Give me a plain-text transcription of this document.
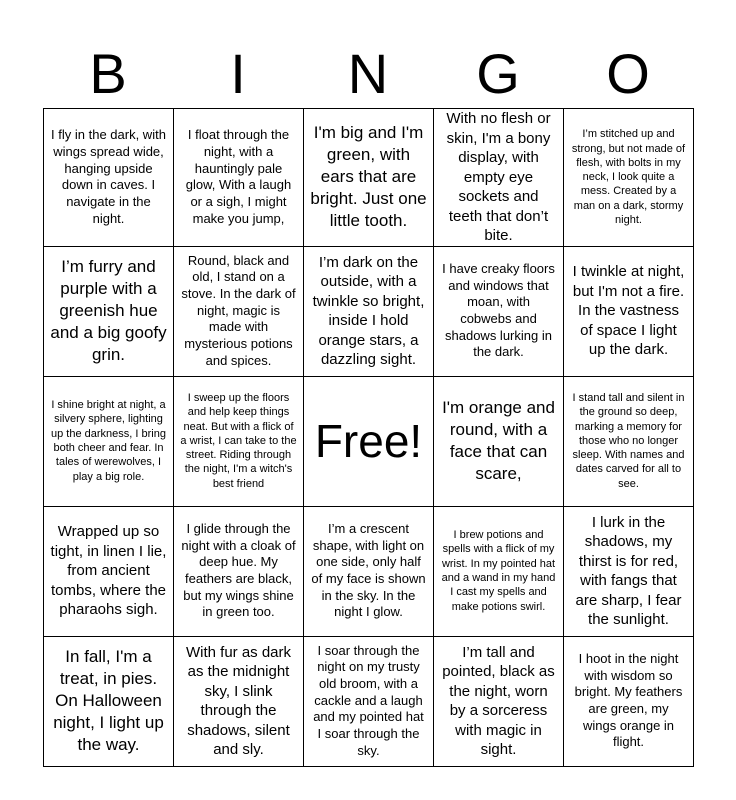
B	I	N	G	O
I fly in the dark, with wings spread wide, hanging upside down in caves. I navigate in the night.	I float through the night, with a hauntingly pale glow, With a laugh or a sigh, I might make you jump,	I'm big and I'm green, with ears that are bright. Just one little tooth.	With no flesh or skin, I'm a bony display, with empty eye sockets and teeth that don’t bite.	I’m stitched up and strong, but not made of flesh, with bolts in my neck, I look quite a mess. Created by a man on a dark, stormy night.
I’m furry and purple with a greenish hue and a big goofy grin.	Round, black and old, I stand on a stove. In the dark of night, magic is made with mysterious potions and spices.	I’m dark on the outside, with a twinkle so bright, inside I hold orange stars, a dazzling sight.	I have creaky floors and windows that moan, with cobwebs and shadows lurking in the dark.	I twinkle at night, but I'm not a fire. In the vastness of space I light up the dark.
I shine bright at night, a silvery sphere, lighting up the darkness, I bring both cheer and fear. In tales of werewolves, I play a big role.	I sweep up the floors and help keep things neat. But with a flick of a wrist, I can take to the street. Riding through the night, I'm a witch's best friend	Free!	I'm orange and round, with a face that can scare,	I stand tall and silent in the ground so deep, marking a memory for those who no longer sleep. With names and dates carved for all to see.
Wrapped up so tight, in linen I lie, from ancient tombs, where the pharaohs sigh.	I glide through the night with a cloak of deep hue. My feathers are black, but my wings shine in green too.	I’m a crescent shape, with light on one side, only half of my face is shown in the sky. In the night I glow.	I brew potions and spells with a flick of my wrist. In my pointed hat and a wand in my hand I cast my spells and make potions swirl.	I lurk in the shadows, my thirst is for red, with fangs that are sharp, I fear the sunlight.
In fall, I'm a treat, in pies. On Halloween night, I light up the way.	With fur as dark as the midnight sky, I slink through the shadows, silent and sly.	I soar through the night on my trusty old broom, with a cackle and a laugh and my pointed hat I soar through the sky.	I’m tall and pointed, black as the night, worn by a sorceress with magic in sight.	I hoot in the night with wisdom so bright. My feathers are green, my wings orange in flight.
